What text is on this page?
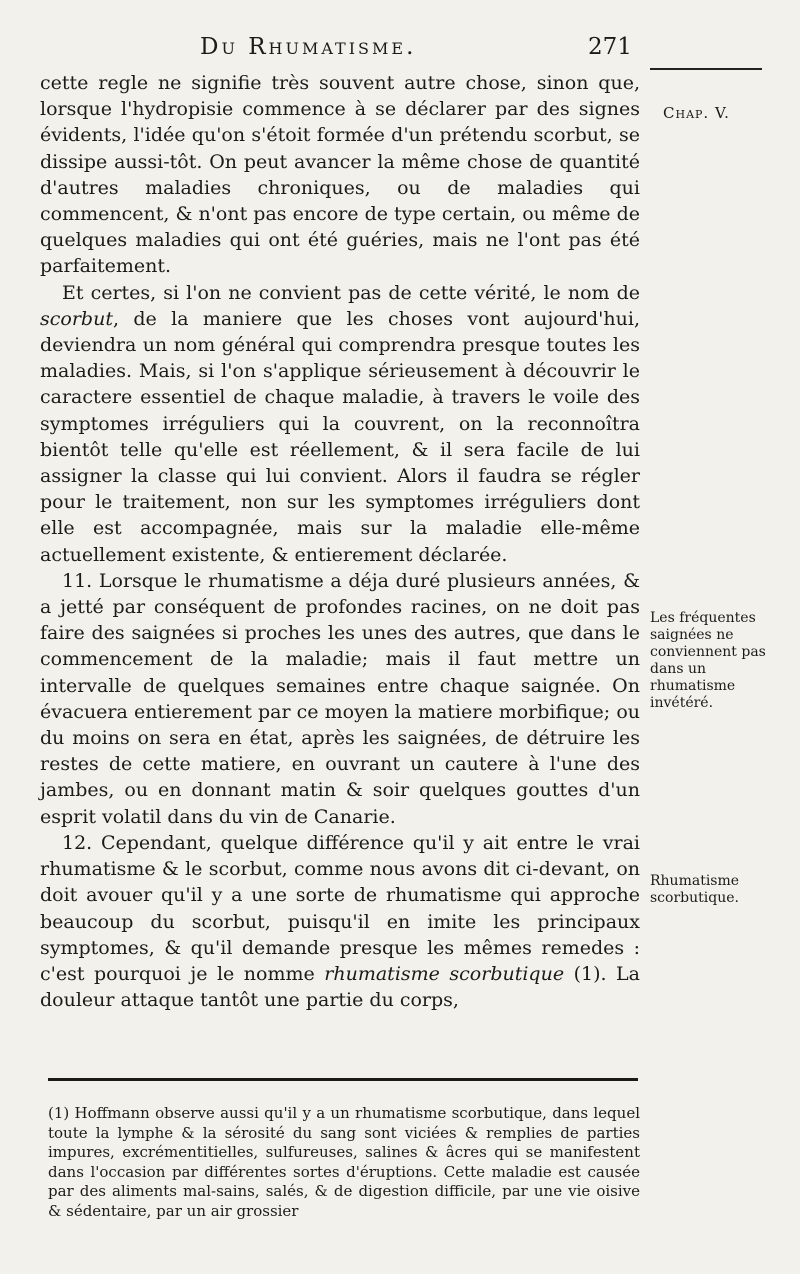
Du Rhumatisme.	271
Chap. V.

cette regle ne signifie très souvent autre chose, sinon que, lorsque l'hydropisie commence à se déclarer par des signes évidents, l'idée qu'on s'étoit formée d'un prétendu scorbut, se dissipe aussi-tôt. On peut avancer la même chose de quantité d'autres maladies chroniques, ou de maladies qui commencent, & n'ont pas encore de type certain, ou même de quelques maladies qui ont été guéries, mais ne l'ont pas été parfaitement.

Et certes, si l'on ne convient pas de cette vérité, le nom de scorbut, de la maniere que les choses vont aujourd'hui, deviendra un nom général qui comprendra presque toutes les maladies. Mais, si l'on s'applique sérieusement à découvrir le caractere essentiel de chaque maladie, à travers le voile des symptomes irréguliers qui la couvrent, on la reconnoîtra bientôt telle qu'elle est réellement, & il sera facile de lui assigner la classe qui lui convient. Alors il faudra se régler pour le traitement, non sur les symptomes irréguliers dont elle est accompagnée, mais sur la maladie elle-même actuellement existente, & entierement déclarée.

11. Lorsque le rhumatisme a déja duré plusieurs années, & a jetté par conséquent de profondes racines, on ne doit pas faire des saignées si proches les unes des autres, que dans le commencement de la maladie; mais il faut mettre un intervalle de quelques semaines entre chaque saignée. On évacuera entierement par ce moyen la matiere morbifique; ou du moins on sera en état, après les saignées, de détruire les restes de cette matiere, en ouvrant un cautere à l'une des jambes, ou en donnant matin & soir quelques gouttes d'un esprit volatil dans du vin de Canarie.

12. Cependant, quelque différence qu'il y ait entre le vrai rhumatisme & le scorbut, comme nous avons dit ci-devant, on doit avouer qu'il y a une sorte de rhumatisme qui approche beaucoup du scorbut, puisqu'il en imite les principaux symptomes, & qu'il demande presque les mêmes remedes : c'est pourquoi je le nomme rhumatisme scorbutique (1). La douleur attaque tantôt une partie du corps,

Les fréquentes saignées ne conviennent pas dans un rhumatisme invétéré.
Rhumatisme scorbutique.
(1) Hoffmann observe aussi qu'il y a un rhumatisme scorbutique, dans lequel toute la lymphe & la sérosité du sang sont viciées & remplies de parties impures, excrémentitielles, sulfureuses, salines & âcres qui se manifestent dans l'occasion par différentes sortes d'éruptions. Cette maladie est causée par des aliments mal-sains, salés, & de digestion difficile, par une vie oisive & sédentaire, par un air grossier
